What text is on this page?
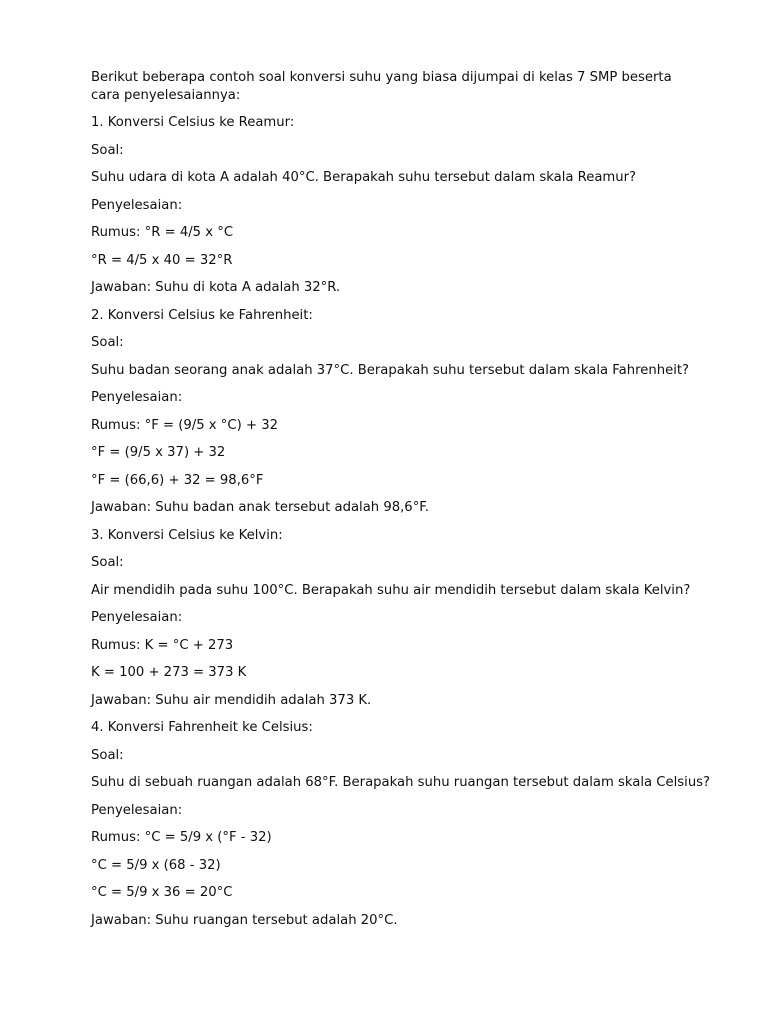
Berikut beberapa contoh soal konversi suhu yang biasa dijumpai di kelas 7 SMP beserta cara penyelesaiannya:

1. Konversi Celsius ke Reamur:
Soal:
Suhu udara di kota A adalah 40°C. Berapakah suhu tersebut dalam skala Reamur?
Penyelesaian:
Rumus: °R = 4/5 x °C
°R = 4/5 x 40 = 32°R
Jawaban: Suhu di kota A adalah 32°R.
2. Konversi Celsius ke Fahrenheit:
Soal:
Suhu badan seorang anak adalah 37°C. Berapakah suhu tersebut dalam skala Fahrenheit?
Penyelesaian:
Rumus: °F = (9/5 x °C) + 32
°F = (9/5 x 37) + 32
°F = (66,6) + 32 = 98,6°F
Jawaban: Suhu badan anak tersebut adalah 98,6°F.
3. Konversi Celsius ke Kelvin:
Soal:
Air mendidih pada suhu 100°C. Berapakah suhu air mendidih tersebut dalam skala Kelvin?
Penyelesaian:
Rumus: K = °C + 273
K = 100 + 273 = 373 K
Jawaban: Suhu air mendidih adalah 373 K.
4. Konversi Fahrenheit ke Celsius:
Soal:
Suhu di sebuah ruangan adalah 68°F. Berapakah suhu ruangan tersebut dalam skala Celsius?
Penyelesaian:
Rumus: °C = 5/9 x (°F - 32)
°C = 5/9 x (68 - 32)
°C = 5/9 x 36 = 20°C
Jawaban: Suhu ruangan tersebut adalah 20°C.
